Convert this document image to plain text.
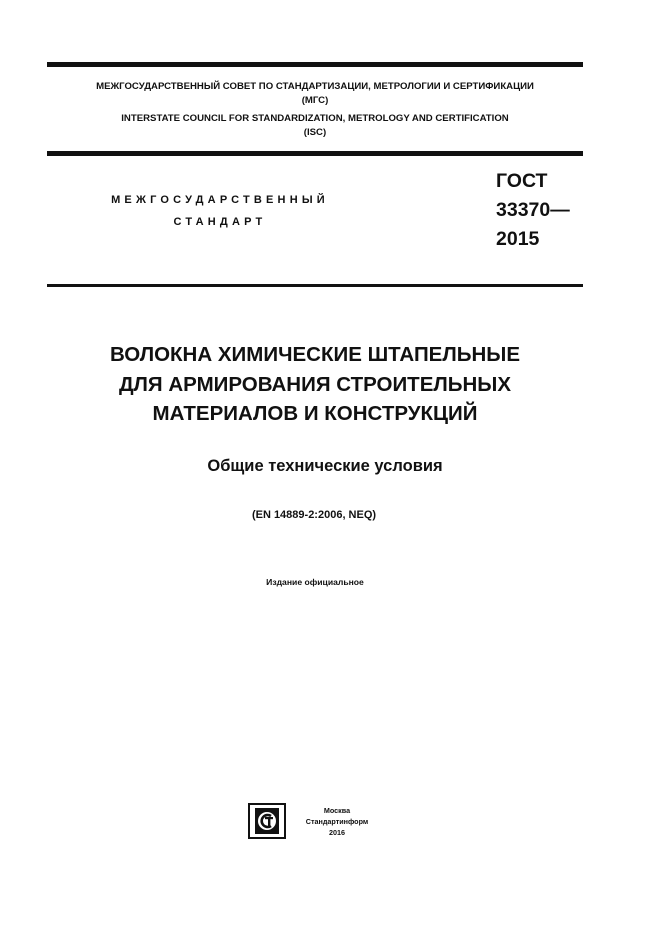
МЕЖГОСУДАРСТВЕННЫЙ СОВЕТ ПО СТАНДАРТИЗАЦИИ, МЕТРОЛОГИИ И СЕРТИФИКАЦИИ
(МГС)
INTERSTATE COUNCIL FOR STANDARDIZATION, METROLOGY AND CERTIFICATION
(ISC)
МЕЖГОСУДАРСТВЕННЫЙ
СТАНДАРТ
ГОСТ
33370—
2015
ВОЛОКНА ХИМИЧЕСКИЕ ШТАПЕЛЬНЫЕ
ДЛЯ АРМИРОВАНИЯ СТРОИТЕЛЬНЫХ
МАТЕРИАЛОВ И КОНСТРУКЦИЙ
Общие технические условия
(EN 14889-2:2006, NEQ)
Издание официальное
Москва
Стандартинформ
2016
